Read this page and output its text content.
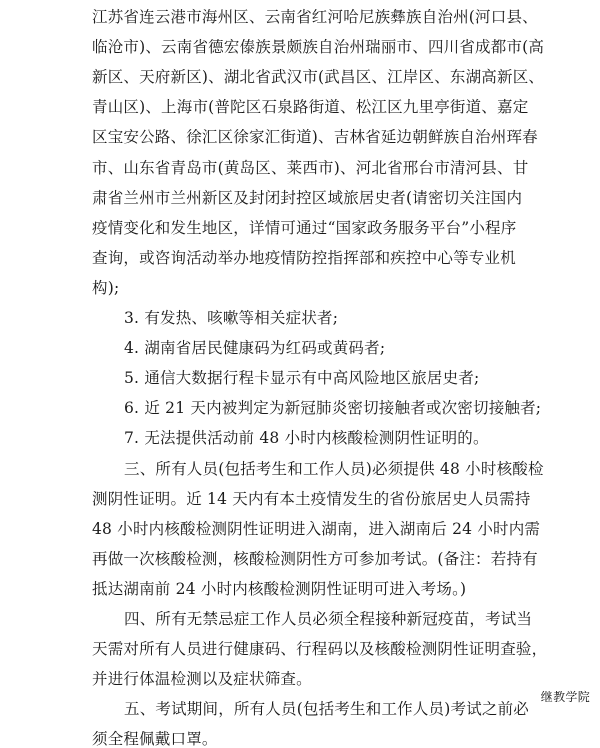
江苏省连云港市海州区、云南省红河哈尼族彝族自治州(河口县、
临沧市)、云南省德宏傣族景颇族自治州瑞丽市、四川省成都市(高
新区、天府新区)、湖北省武汉市(武昌区、江岸区、东湖高新区、
青山区)、上海市(普陀区石泉路街道、松江区九里亭街道、嘉定
区宝安公路、徐汇区徐家汇街道)、吉林省延边朝鲜族自治州珲春
市、山东省青岛市(黄岛区、莱西市)、河北省邢台市清河县、甘
肃省兰州市兰州新区及封闭封控区域旅居史者(请密切关注国内
疫情变化和发生地区，详情可通过“国家政务服务平台”小程序
查询，或咨询活动举办地疫情防控指挥部和疾控中心等专业机
构);
3. 有发热、咳嗽等相关症状者;
4. 湖南省居民健康码为红码或黄码者;
5. 通信大数据行程卡显示有中高风险地区旅居史者;
6. 近 21 天内被判定为新冠肺炎密切接触者或次密切接触者;
7. 无法提供活动前 48 小时内核酸检测阴性证明的。
三、所有人员(包括考生和工作人员)必须提供 48 小时核酸检
测阴性证明。近 14 天内有本土疫情发生的省份旅居史人员需持
48 小时内核酸检测阴性证明进入湖南，进入湖南后 24 小时内需
再做一次核酸检测，核酸检测阴性方可参加考试。(备注：若持有
抵达湖南前 24 小时内核酸检测阴性证明可进入考场。)
四、所有无禁忌症工作人员必须全程接种新冠疫苗，考试当
天需对所有人员进行健康码、行程码以及核酸检测阴性证明查验，
并进行体温检测以及症状筛查。
五、考试期间，所有人员(包括考生和工作人员)考试之前必
须全程佩戴口罩。
继教学院
